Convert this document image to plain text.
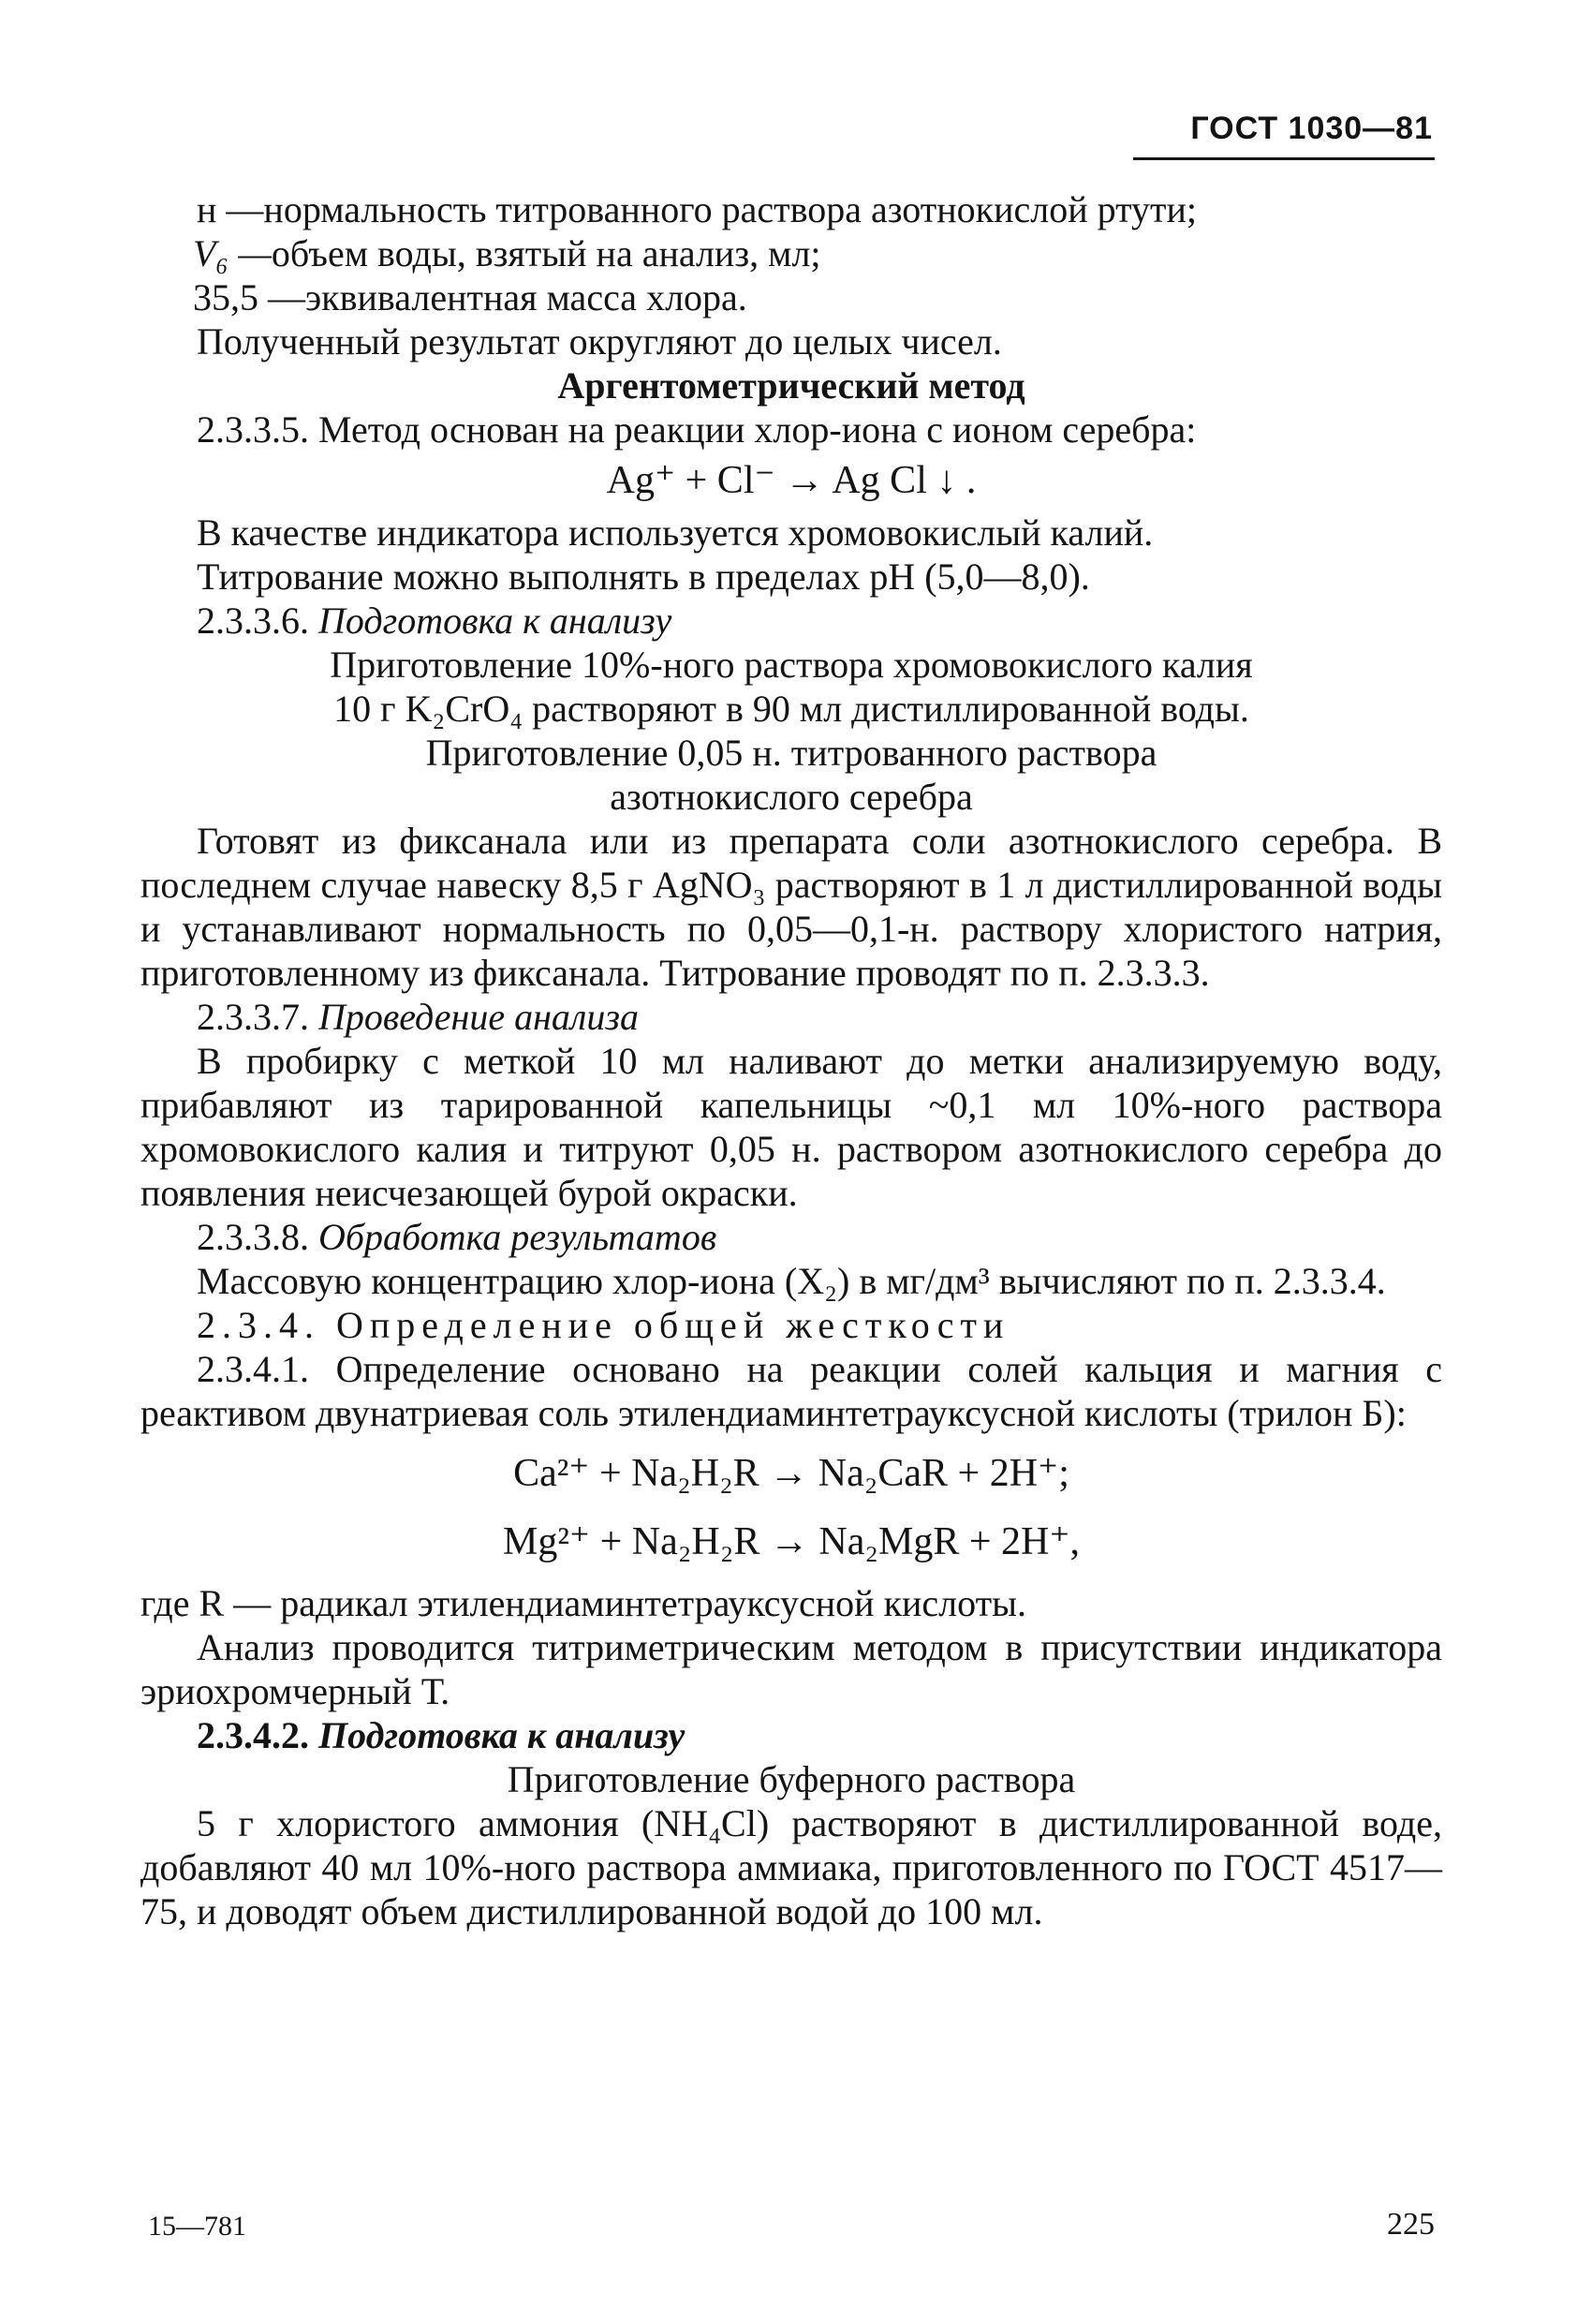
ГОСТ 1030—81
н — нормальность титрованного раствора азотнокислой ртути;
V₆ — объем воды, взятый на анализ, мл;
35,5 — эквивалентная масса хлора.

Полученный результат округляют до целых чисел.

Аргентометрический метод

2.3.3.5. Метод основан на реакции хлор-иона с ионом серебра:

Ag⁺ + Cl⁻ → Ag Cl ↓ .

В качестве индикатора используется хромовокислый калий.

Титрование можно выполнять в пределах pH (5,0—8,0).

2.3.3.6. Подготовка к анализу

Приготовление 10%-ного раствора хромовокислого калия

10 г K₂CrO₄ растворяют в 90 мл дистиллированной воды.

Приготовление 0,05 н. титрованного раствора

азотнокислого серебра

Готовят из фиксанала или из препарата соли азотнокислого серебра. В последнем случае навеску 8,5 г AgNO₃ растворяют в 1 л дистиллированной воды и устанавливают нормальность по 0,05—0,1-н. раствору хлористого натрия, приготовленному из фиксанала. Титрование проводят по п. 2.3.3.3.

2.3.3.7. Проведение анализа

В пробирку с меткой 10 мл наливают до метки анализируемую воду, прибавляют из тарированной капельницы ~0,1 мл 10%-ного раствора хромовокислого калия и титруют 0,05 н. раствором азотнокислого серебра до появления неисчезающей бурой окраски.

2.3.3.8. Обработка результатов

Массовую концентрацию хлор-иона (X₂) в мг/дм³ вычисляют по п. 2.3.3.4.

2.3.4. Определение общей жесткости

2.3.4.1. Определение основано на реакции солей кальция и магния с реактивом двунатриевая соль этилендиаминтетрауксусной кислоты (трилон Б):

Ca²⁺ + Na₂H₂R → Na₂CaR + 2H⁺;

Mg²⁺ + Na₂H₂R → Na₂MgR + 2H⁺,

где R — радикал этилендиаминтетрауксусной кислоты.

Анализ проводится титриметрическим методом в присутствии индикатора эриохромчерный Т.

2.3.4.2. Подготовка к анализу

Приготовление буферного раствора

5 г хлористого аммония (NH₄Cl) растворяют в дистиллированной воде, добавляют 40 мл 10%-ного раствора аммиака, приготовленного по ГОСТ 4517—75, и доводят объем дистиллированной водой до 100 мл.

15—781	225
